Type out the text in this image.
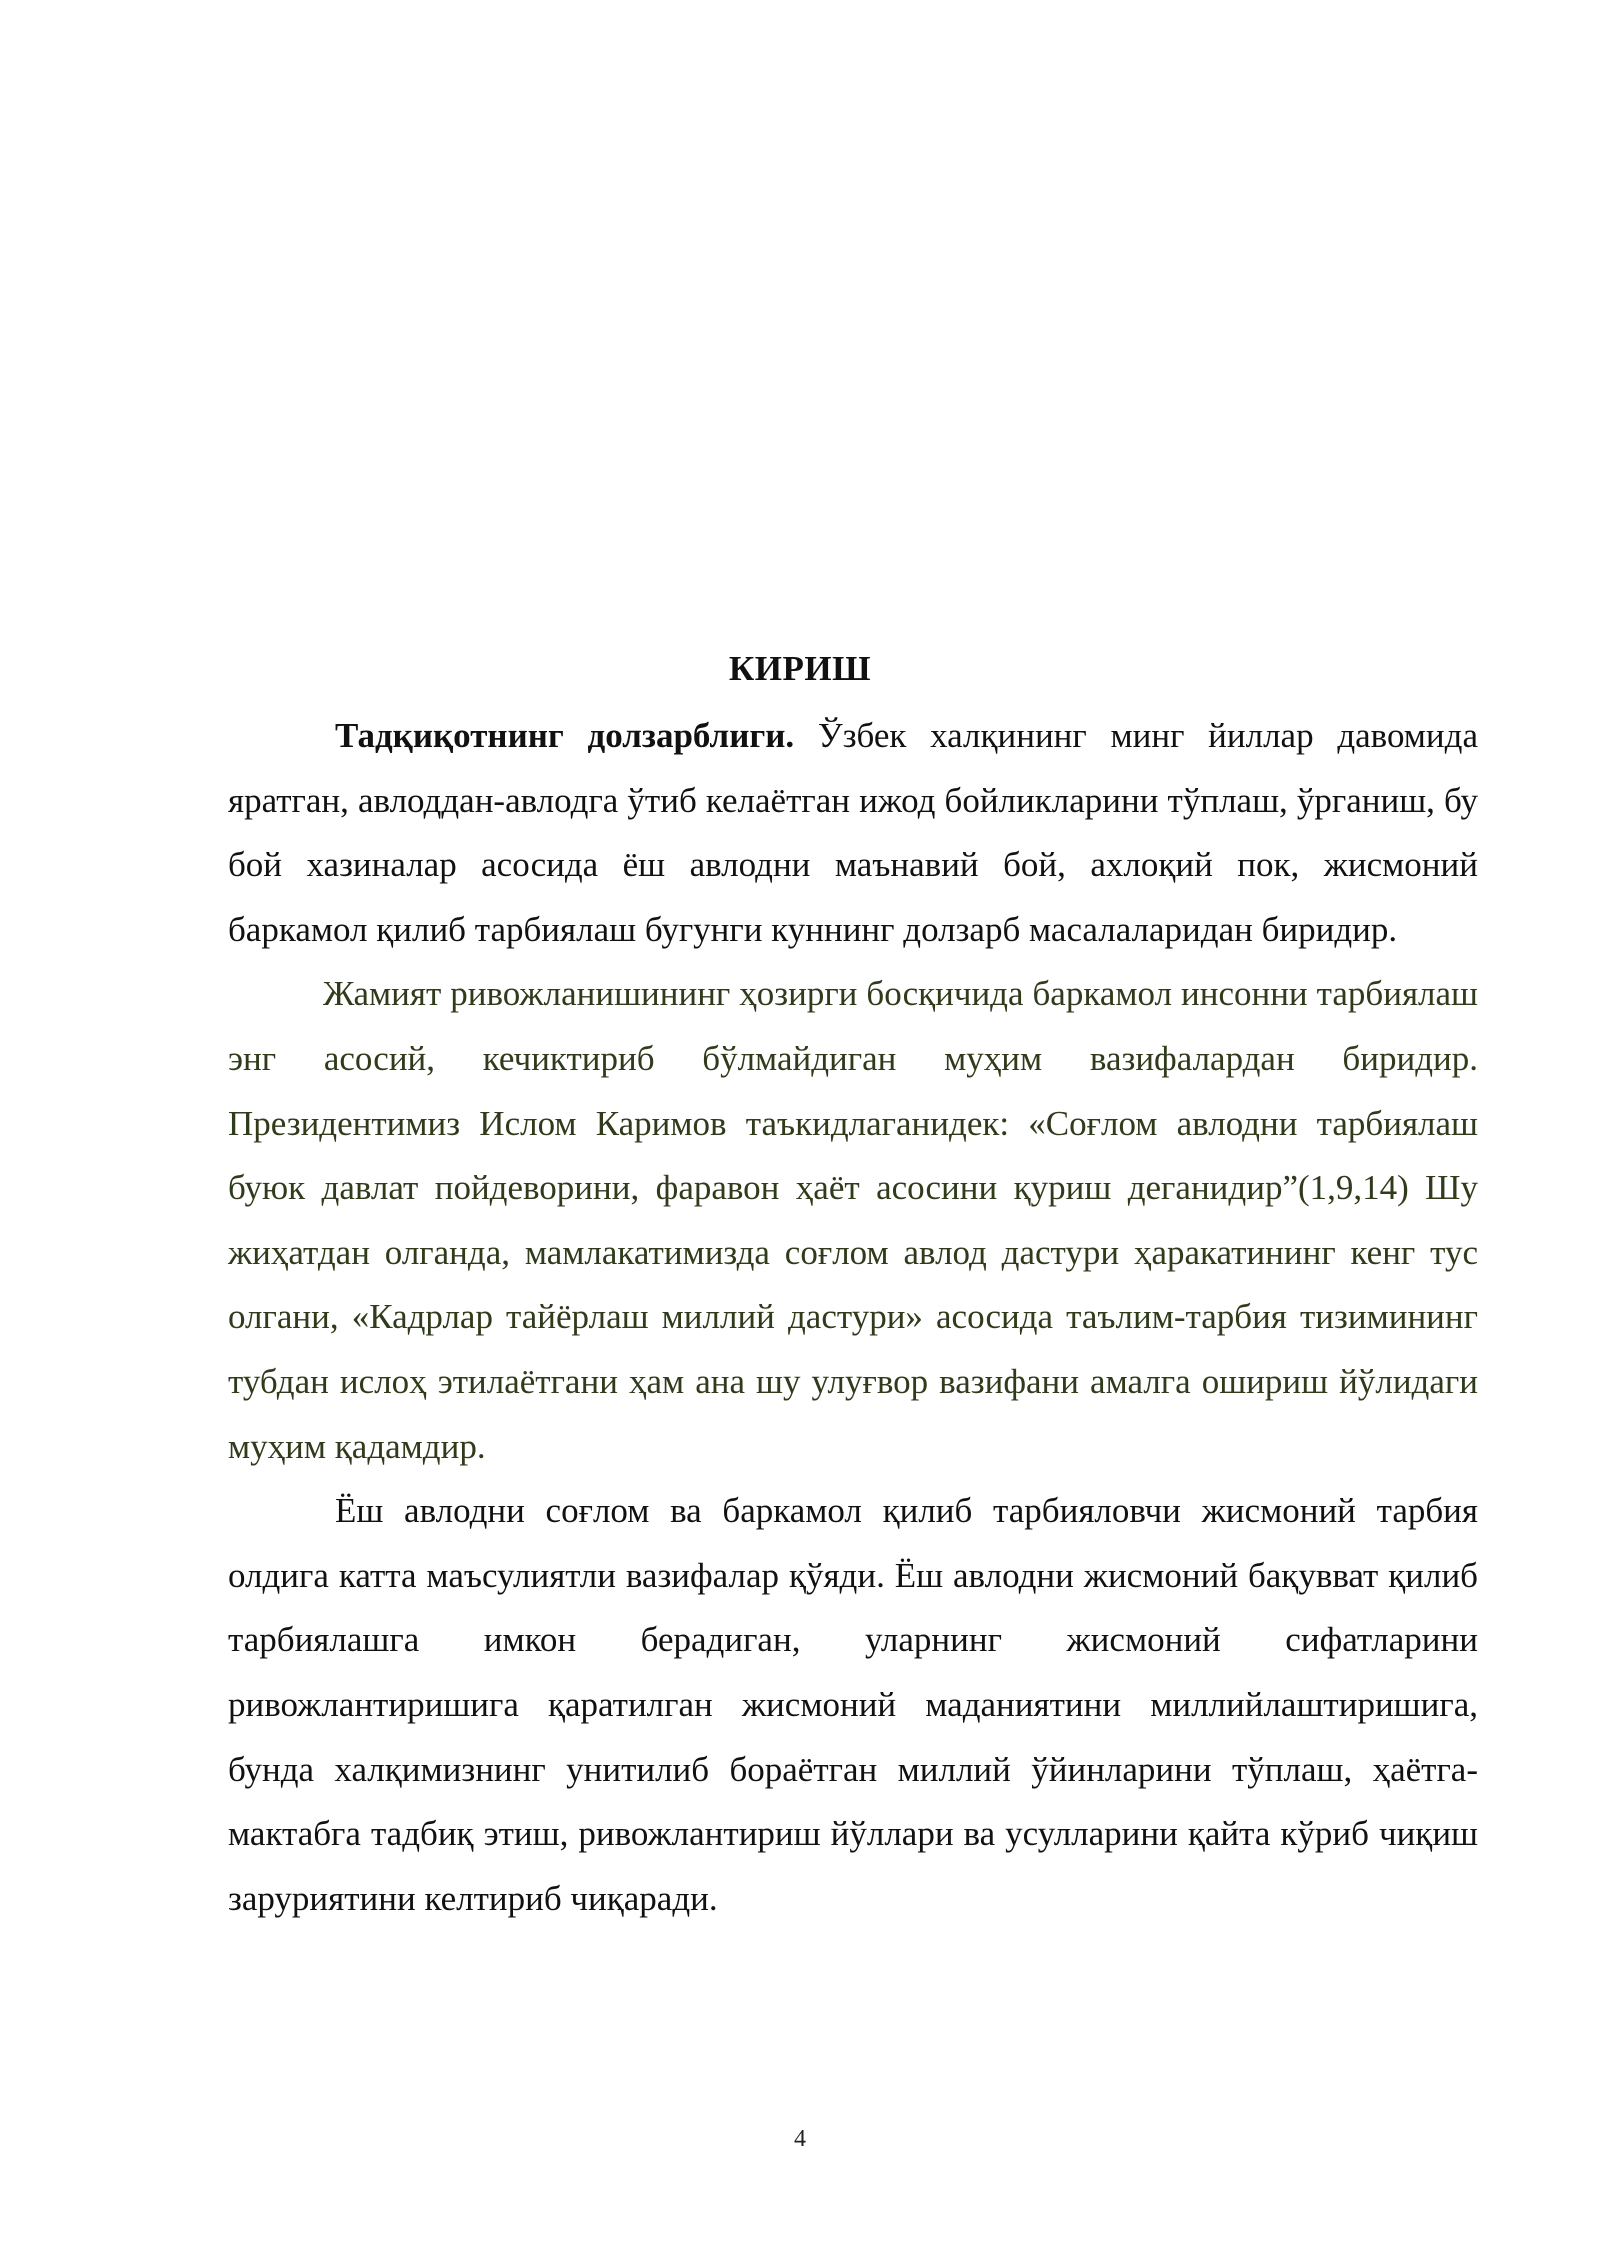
КИРИШ

Тадқиқотнинг долзарблиги. Ўзбек халқининг минг йиллар давомида яратган, авлоддан-авлодга ўтиб келаётган ижод бойликларини тўплаш, ўрганиш, бу бой хазиналар асосида ёш авлодни маънавий бой, ахлоқий пок, жисмоний баркамол қилиб тарбиялаш бугунги куннинг долзарб масалаларидан биридир.

Жамият ривожланишининг ҳозирги босқичида баркамол инсонни тарбиялаш энг асосий, кечиктириб бўлмайдиган муҳим вазифалардан биридир. Президентимиз Ислом Каримов таъкидлаганидек: «Соғлом авлодни тарбиялаш буюк давлат пойдеворини, фаравон ҳаёт асосини қуриш деганидир”(1,9,14) Шу жиҳатдан олганда, мамлакатимизда соғлом авлод дастури ҳаракатининг кенг тус олгани, «Кадрлар тайёрлаш миллий дастури» асосида таълим-тарбия тизимининг тубдан ислоҳ этилаётгани ҳам ана шу улуғвор вазифани амалга ошириш йўлидаги муҳим қадамдир.

Ёш авлодни соғлом ва баркамол қилиб тарбияловчи жисмоний тарбия олдига катта маъсулиятли вазифалар қўяди. Ёш авлодни жисмоний бақувват қилиб тарбиялашга имкон берадиган, уларнинг жисмоний сифатларини ривожлантиришига қаратилган жисмоний маданиятини миллийлаштиришига, бунда халқимизнинг унитилиб бораётган миллий ўйинларини тўплаш, ҳаётга-мактабга тадбиқ этиш, ривожлантириш йўллари ва усулларини қайта кўриб чиқиш заруриятини келтириб чиқаради.

4
